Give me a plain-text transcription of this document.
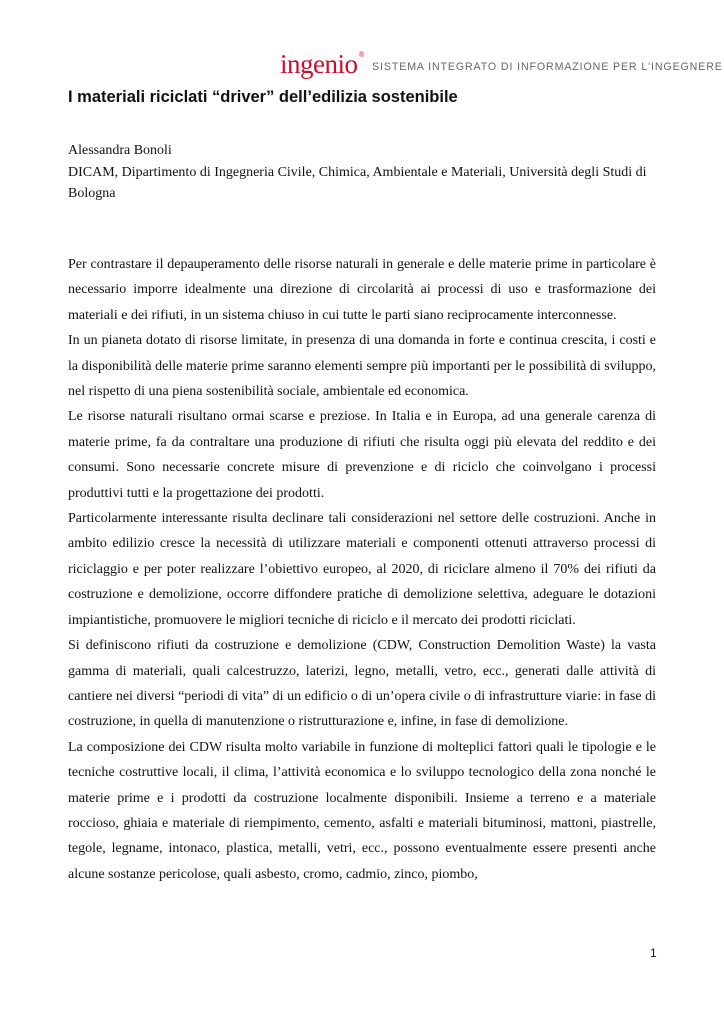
ingenio®
SISTEMA INTEGRATO DI INFORMAZIONE PER L'INGEGNERE
I materiali riciclati “driver” dell’edilizia sostenibile

Alessandra Bonoli

DICAM, Dipartimento di Ingegneria Civile, Chimica, Ambientale e Materiali, Università degli Studi di Bologna

Per contrastare il depauperamento delle risorse naturali in generale e delle materie prime in particolare è necessario imporre idealmente una direzione di circolarità ai processi di uso e trasformazione dei materiali e dei rifiuti, in un sistema chiuso in cui tutte le parti siano reciprocamente interconnesse.

In un pianeta dotato di risorse limitate, in presenza di una domanda in forte e continua crescita, i costi e la disponibilità delle materie prime saranno elementi sempre più importanti per le possibilità di sviluppo, nel rispetto di una piena sostenibilità sociale, ambientale ed economica.

Le risorse naturali risultano ormai scarse e preziose. In Italia e in Europa, ad una generale carenza di materie prime, fa da contraltare una produzione di rifiuti che risulta oggi più elevata del reddito e dei consumi. Sono necessarie concrete misure di prevenzione e di riciclo che coinvolgano i processi produttivi tutti e la progettazione dei prodotti.

Particolarmente interessante risulta declinare tali considerazioni nel settore delle costruzioni. Anche in ambito edilizio cresce la necessità di utilizzare materiali e componenti ottenuti attraverso processi di riciclaggio e per poter realizzare l’obiettivo europeo, al 2020, di riciclare almeno il 70% dei rifiuti da costruzione e demolizione, occorre diffondere pratiche di demolizione selettiva, adeguare le dotazioni impiantistiche, promuovere le migliori tecniche di riciclo e il mercato dei prodotti riciclati.

Si definiscono rifiuti da costruzione e demolizione (CDW, Construction Demolition Waste) la vasta gamma di materiali, quali calcestruzzo, laterizi, legno, metalli, vetro, ecc., generati dalle attività di cantiere nei diversi “periodi di vita” di un edificio o di un’opera civile o di infrastrutture viarie: in fase di costruzione, in quella di manutenzione o ristrutturazione e, infine, in fase di demolizione.

La composizione dei CDW risulta molto variabile in funzione di molteplici fattori quali le tipologie e le tecniche costruttive locali, il clima, l’attività economica e lo sviluppo tecnologico della zona nonché le materie prime e i prodotti da costruzione localmente disponibili. Insieme a terreno e a materiale roccioso, ghiaia e materiale di riempimento, cemento, asfalti e materiali bituminosi, mattoni, piastrelle, tegole, legname, intonaco, plastica, metalli, vetri, ecc., possono eventualmente essere presenti anche alcune sostanze pericolose, quali asbesto, cromo, cadmio, zinco, piombo,

1
